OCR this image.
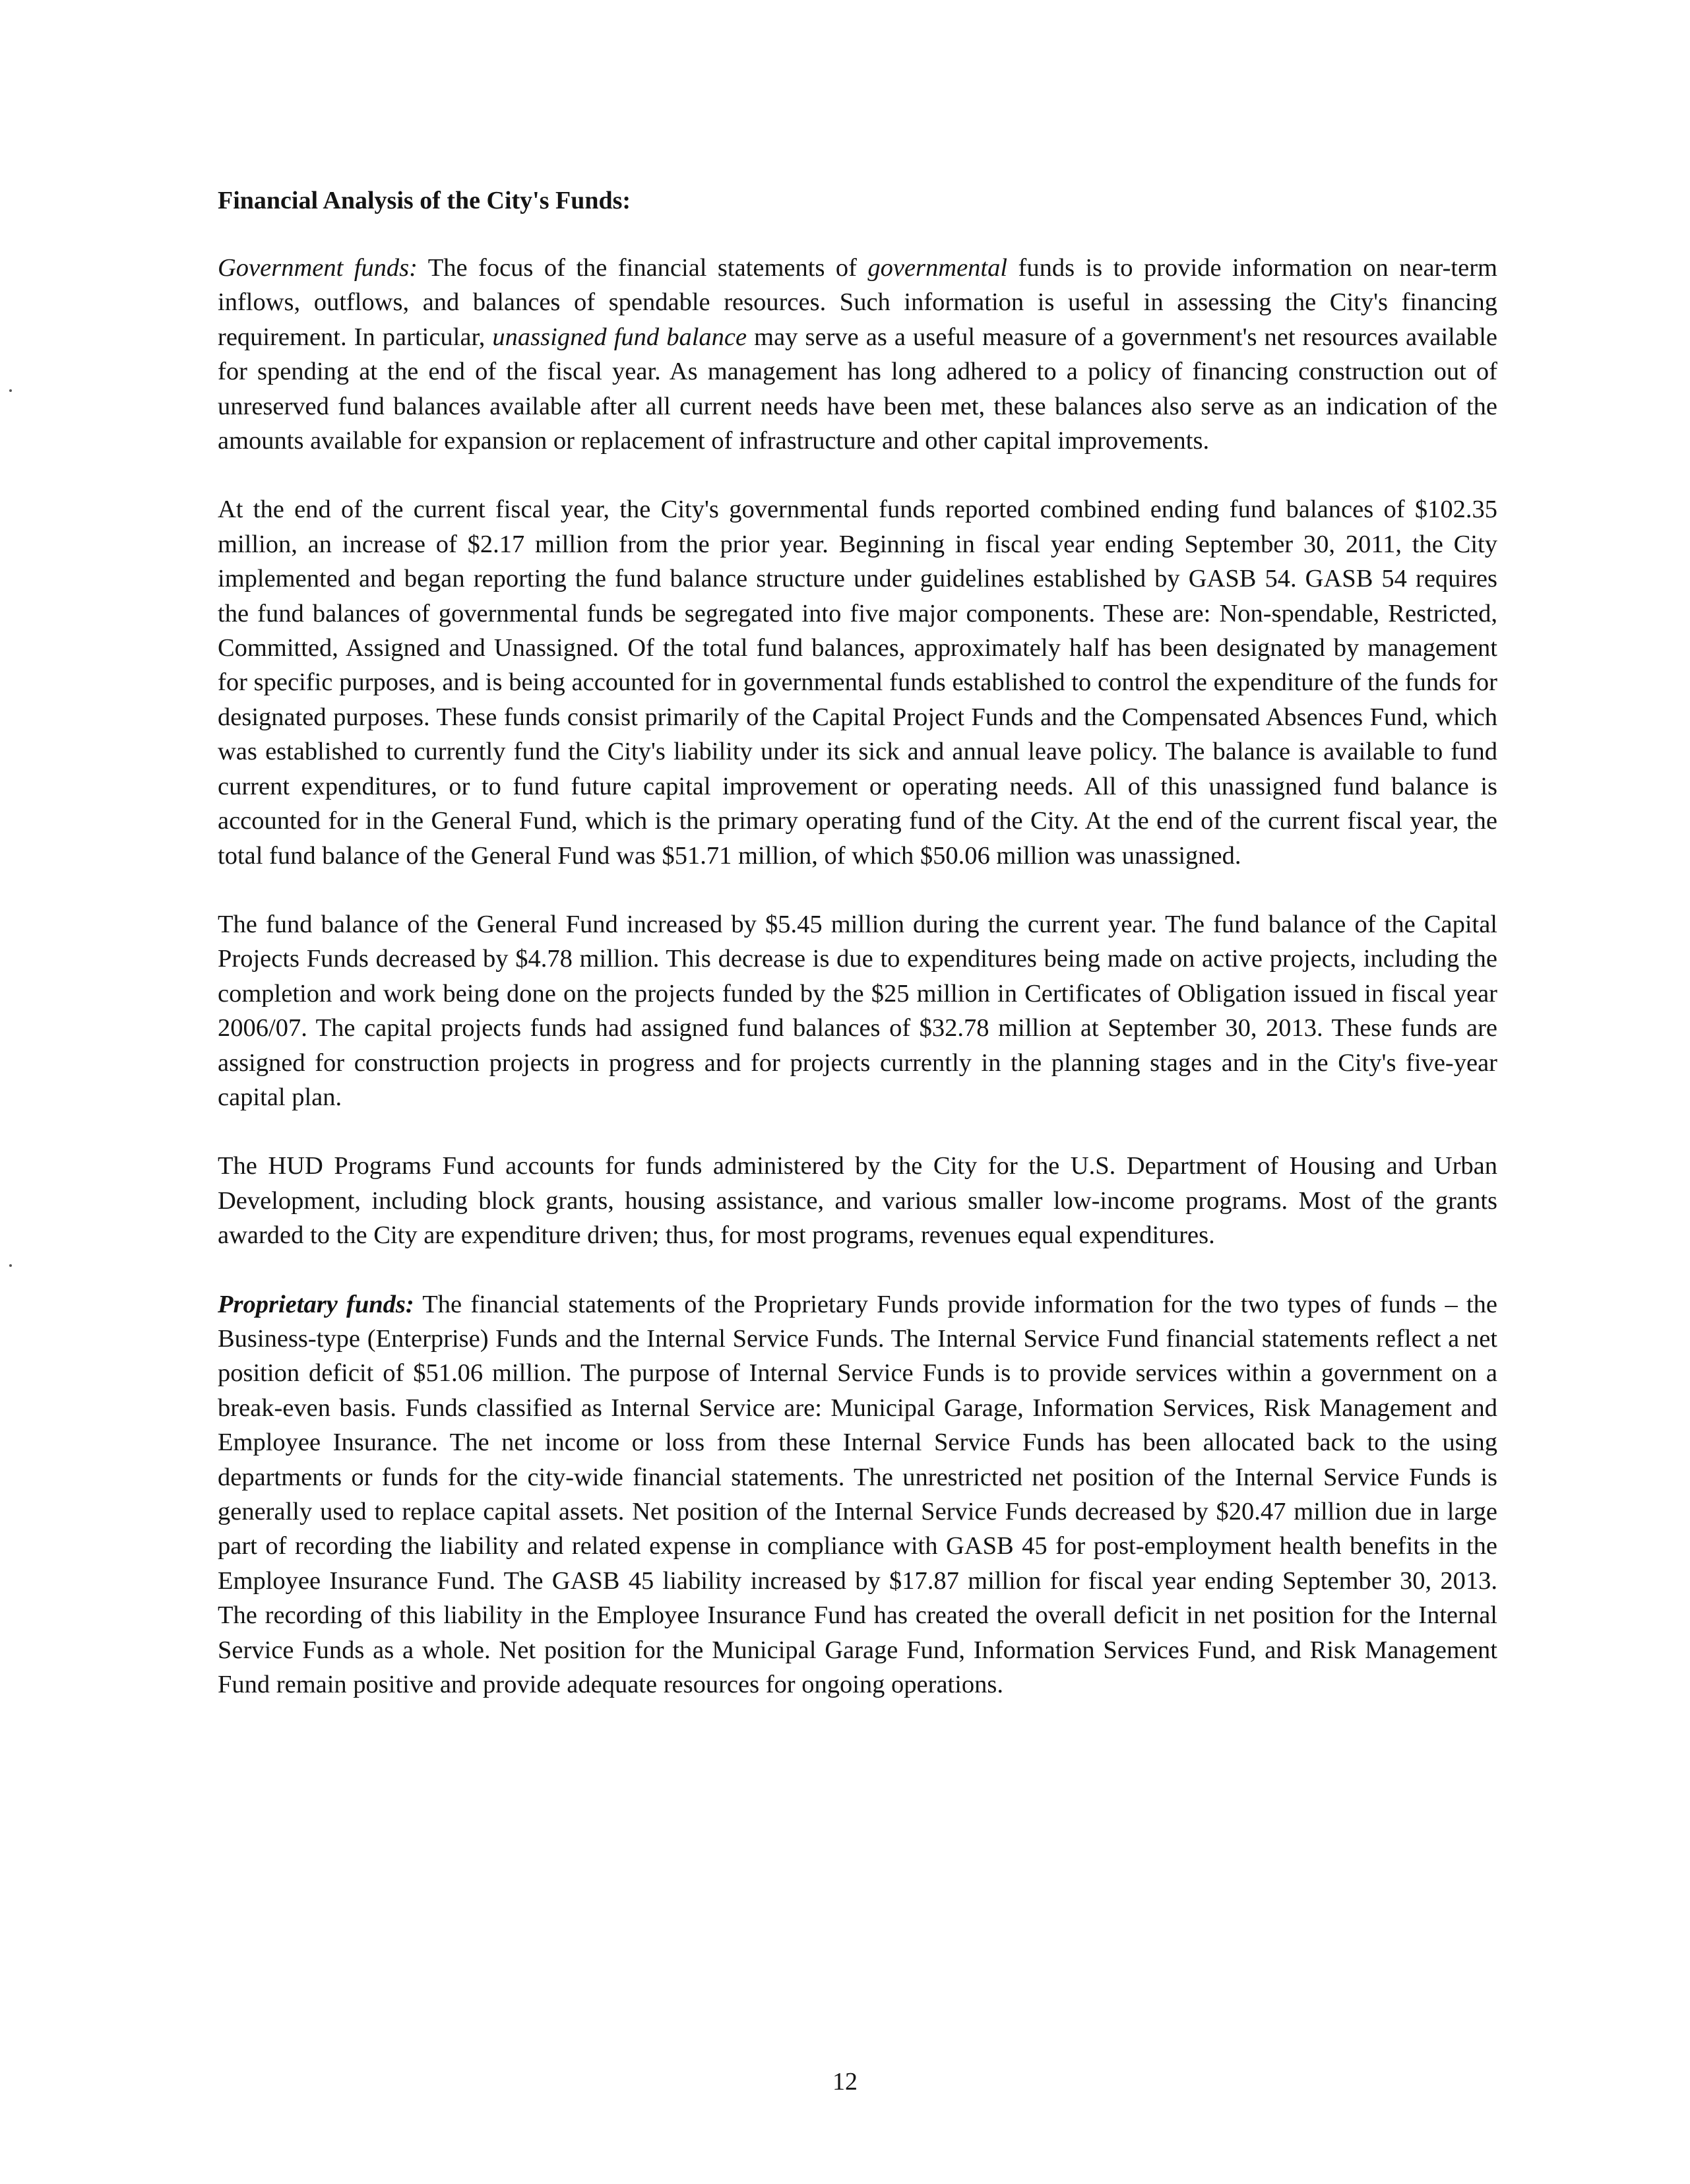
Financial Analysis of the City's Funds:

Government funds: The focus of the financial statements of governmental funds is to provide information on near-term inflows, outflows, and balances of spendable resources. Such information is useful in assessing the City's financing requirement. In particular, unassigned fund balance may serve as a useful measure of a government's net resources available for spending at the end of the fiscal year. As management has long adhered to a policy of financing construction out of unreserved fund balances available after all current needs have been met, these balances also serve as an indication of the amounts available for expansion or replacement of infrastructure and other capital improvements.

At the end of the current fiscal year, the City's governmental funds reported combined ending fund balances of $102.35 million, an increase of $2.17 million from the prior year. Beginning in fiscal year ending September 30, 2011, the City implemented and began reporting the fund balance structure under guidelines established by GASB 54. GASB 54 requires the fund balances of governmental funds be segregated into five major components. These are: Non-spendable, Restricted, Committed, Assigned and Unassigned. Of the total fund balances, approximately half has been designated by management for specific purposes, and is being accounted for in governmental funds established to control the expenditure of the funds for designated purposes. These funds consist primarily of the Capital Project Funds and the Compensated Absences Fund, which was established to currently fund the City's liability under its sick and annual leave policy. The balance is available to fund current expenditures, or to fund future capital improvement or operating needs. All of this unassigned fund balance is accounted for in the General Fund, which is the primary operating fund of the City. At the end of the current fiscal year, the total fund balance of the General Fund was $51.71 million, of which $50.06 million was unassigned.

The fund balance of the General Fund increased by $5.45 million during the current year. The fund balance of the Capital Projects Funds decreased by $4.78 million. This decrease is due to expenditures being made on active projects, including the completion and work being done on the projects funded by the $25 million in Certificates of Obligation issued in fiscal year 2006/07. The capital projects funds had assigned fund balances of $32.78 million at September 30, 2013. These funds are assigned for construction projects in progress and for projects currently in the planning stages and in the City's five-year capital plan.

The HUD Programs Fund accounts for funds administered by the City for the U.S. Department of Housing and Urban Development, including block grants, housing assistance, and various smaller low-income programs. Most of the grants awarded to the City are expenditure driven; thus, for most programs, revenues equal expenditures.

Proprietary funds: The financial statements of the Proprietary Funds provide information for the two types of funds – the Business-type (Enterprise) Funds and the Internal Service Funds. The Internal Service Fund financial statements reflect a net position deficit of $51.06 million. The purpose of Internal Service Funds is to provide services within a government on a break-even basis. Funds classified as Internal Service are: Municipal Garage, Information Services, Risk Management and Employee Insurance. The net income or loss from these Internal Service Funds has been allocated back to the using departments or funds for the city-wide financial statements. The unrestricted net position of the Internal Service Funds is generally used to replace capital assets. Net position of the Internal Service Funds decreased by $20.47 million due in large part of recording the liability and related expense in compliance with GASB 45 for post-employment health benefits in the Employee Insurance Fund. The GASB 45 liability increased by $17.87 million for fiscal year ending September 30, 2013. The recording of this liability in the Employee Insurance Fund has created the overall deficit in net position for the Internal Service Funds as a whole. Net position for the Municipal Garage Fund, Information Services Fund, and Risk Management Fund remain positive and provide adequate resources for ongoing operations.

12
